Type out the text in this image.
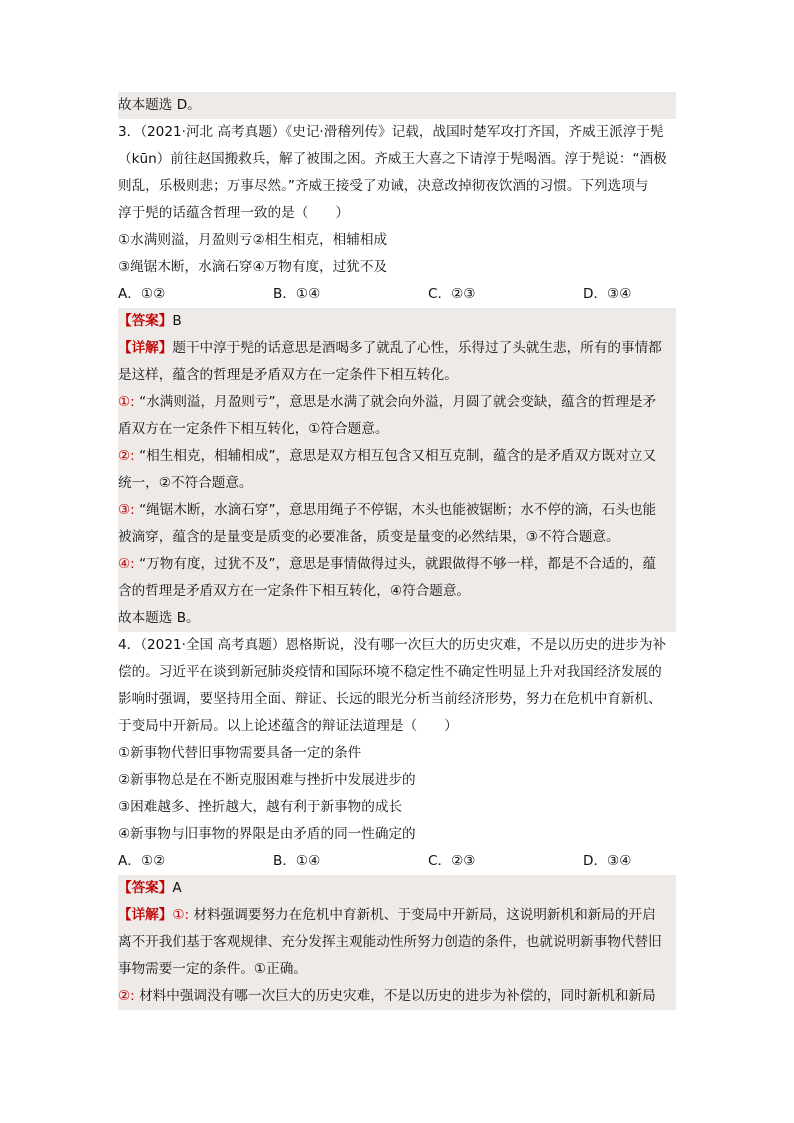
故本题选 D。
3．（2021·河北 高考真题）《史记·滑稽列传》记载，战国时楚军攻打齐国，齐威王派淳于髡
（kūn）前往赵国搬救兵，解了被围之困。齐威王大喜之下请淳于髡喝酒。淳于髡说：“酒极
则乱，乐极则悲；万事尽然。”齐威王接受了劝诫，决意改掉彻夜饮酒的习惯。下列选项与
淳于髡的话蕴含哲理一致的是（　　）
①水满则溢，月盈则亏②相生相克，相辅相成
③绳锯木断，水滴石穿④万物有度，过犹不及
A．①②	B．①④	C．②③	D．③④
【答案】B
【详解】题干中淳于髡的话意思是酒喝多了就乱了心性，乐得过了头就生悲，所有的事情都
是这样，蕴含的哲理是矛盾双方在一定条件下相互转化。
①: “水满则溢，月盈则亏”，意思是水满了就会向外溢，月圆了就会变缺，蕴含的哲理是矛
盾双方在一定条件下相互转化，①符合题意。
②: “相生相克，相辅相成”，意思是双方相互包含又相互克制，蕴含的是矛盾双方既对立又
统一，②不符合题意。
③: “绳锯木断，水滴石穿”，意思用绳子不停锯，木头也能被锯断；水不停的滴，石头也能
被滴穿，蕴含的是量变是质变的必要准备，质变是量变的必然结果，③不符合题意。
④: “万物有度，过犹不及”，意思是事情做得过头，就跟做得不够一样，都是不合适的，蕴
含的哲理是矛盾双方在一定条件下相互转化，④符合题意。
故本题选 B。
4．（2021·全国 高考真题）恩格斯说，没有哪一次巨大的历史灾难，不是以历史的进步为补
偿的。习近平在谈到新冠肺炎疫情和国际环境不稳定性不确定性明显上升对我国经济发展的
影响时强调，要坚持用全面、辩证、长远的眼光分析当前经济形势，努力在危机中育新机、
于变局中开新局。以上论述蕴含的辩证法道理是（　　）
①新事物代替旧事物需要具备一定的条件
②新事物总是在不断克服困难与挫折中发展进步的
③困难越多、挫折越大，越有利于新事物的成长
④新事物与旧事物的界限是由矛盾的同一性确定的
A．①②	B．①④	C．②③	D．③④
【答案】A
【详解】①: 材料强调要努力在危机中育新机、于变局中开新局，这说明新机和新局的开启
离不开我们基于客观规律、充分发挥主观能动性所努力创造的条件，也就说明新事物代替旧
事物需要一定的条件。①正确。
②: 材料中强调没有哪一次巨大的历史灾难，不是以历史的进步为补偿的，同时新机和新局
